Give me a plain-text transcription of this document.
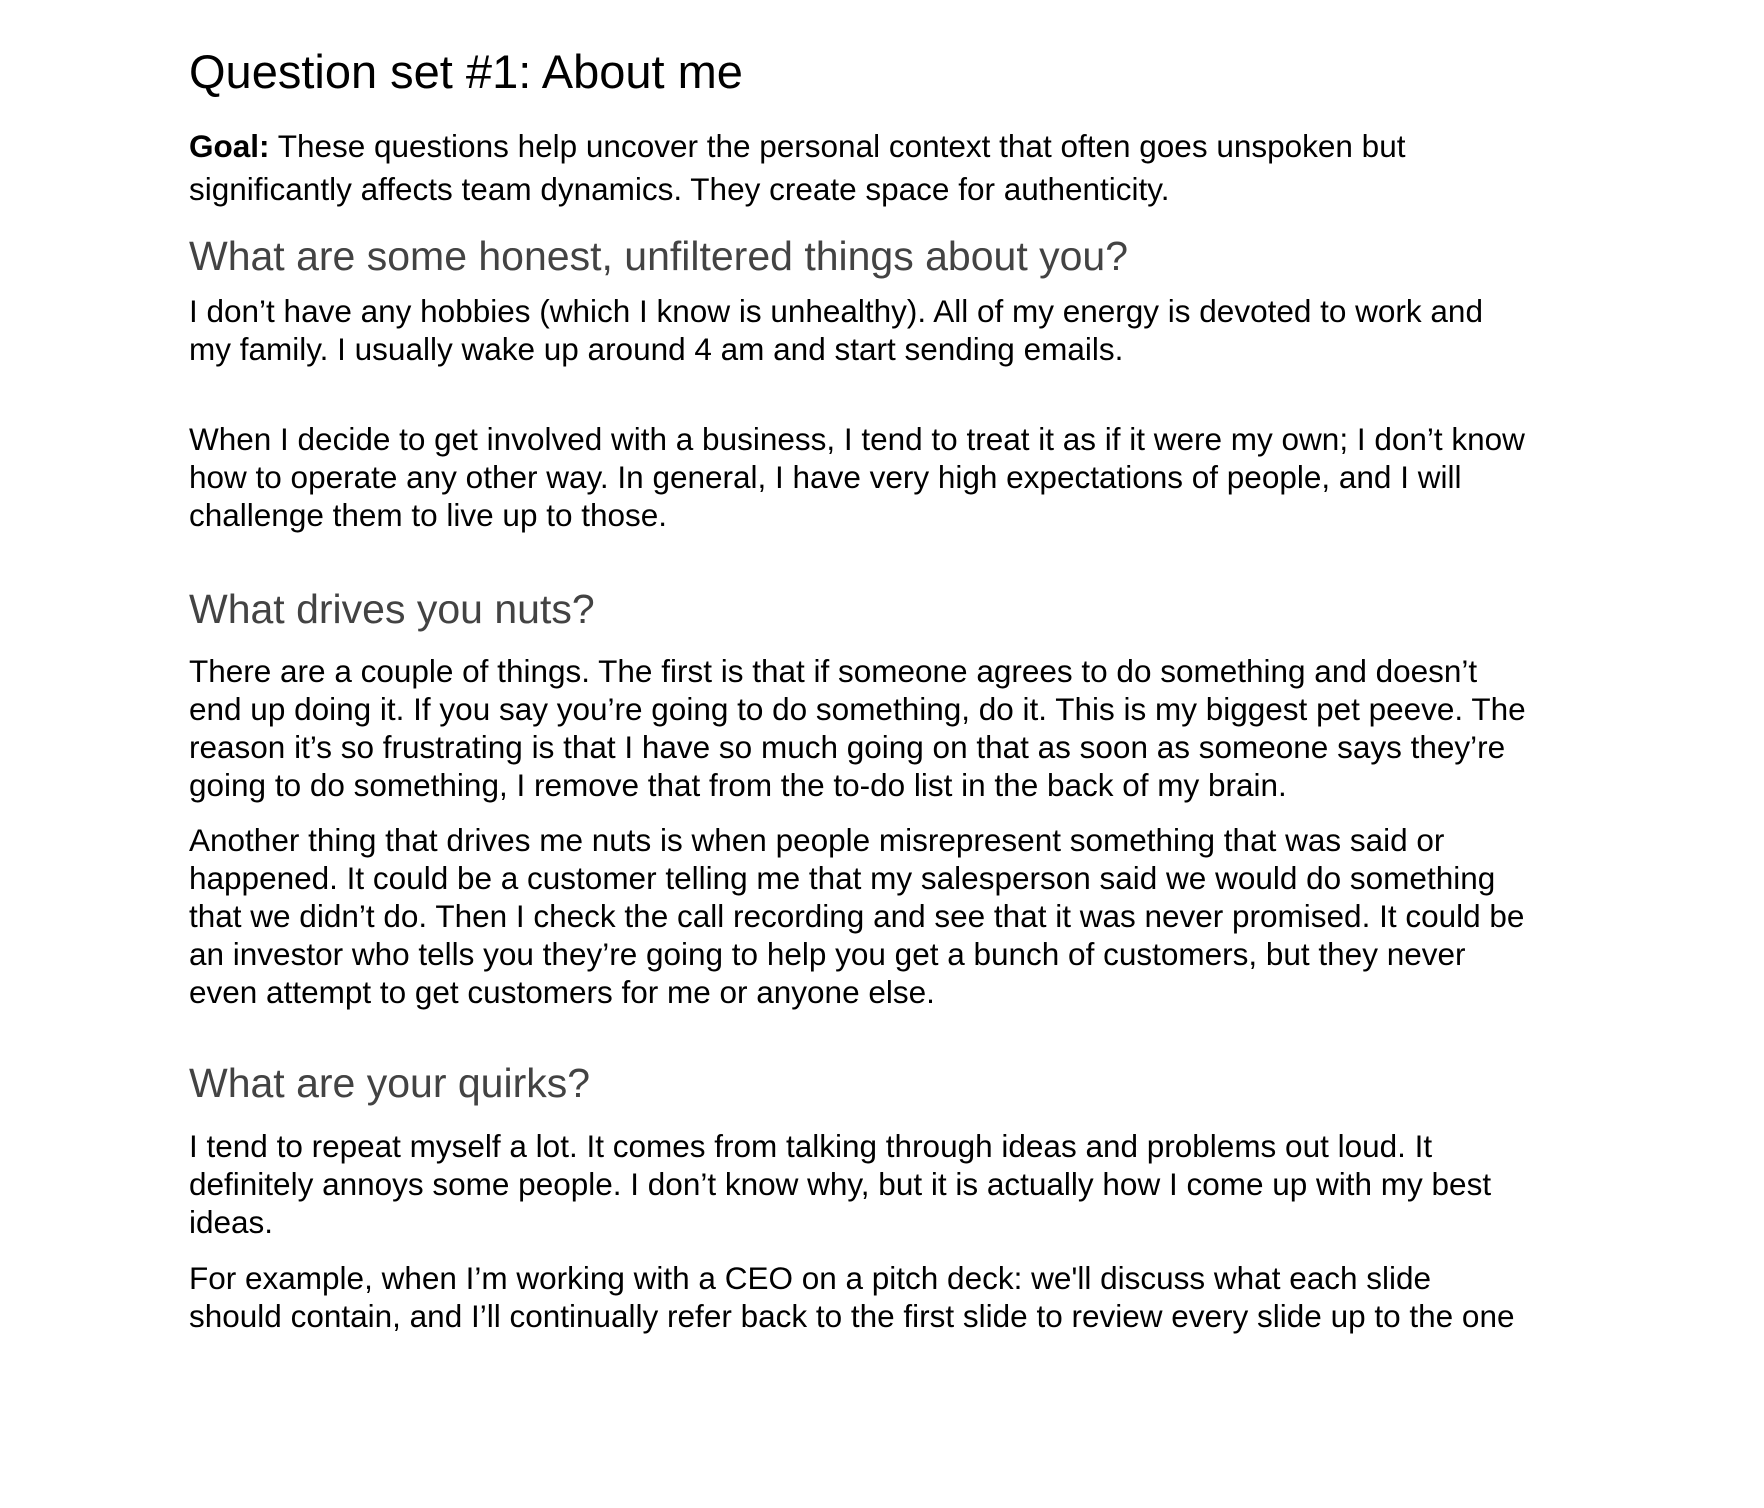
Question set #1: About me

Goal: These questions help uncover the personal context that often goes unspoken but
significantly affects team dynamics. They create space for authenticity.

What are some honest, unfiltered things about you?

I don’t have any hobbies (which I know is unhealthy). All of my energy is devoted to work and
my family. I usually wake up around 4 am and start sending emails.

When I decide to get involved with a business, I tend to treat it as if it were my own; I don’t know
how to operate any other way. In general, I have very high expectations of people, and I will
challenge them to live up to those.

What drives you nuts?

There are a couple of things. The first is that if someone agrees to do something and doesn’t
end up doing it. If you say you’re going to do something, do it. This is my biggest pet peeve. The
reason it’s so frustrating is that I have so much going on that as soon as someone says they’re
going to do something, I remove that from the to-do list in the back of my brain.

Another thing that drives me nuts is when people misrepresent something that was said or
happened. It could be a customer telling me that my salesperson said we would do something
that we didn’t do. Then I check the call recording and see that it was never promised. It could be
an investor who tells you they’re going to help you get a bunch of customers, but they never
even attempt to get customers for me or anyone else.

What are your quirks?

I tend to repeat myself a lot. It comes from talking through ideas and problems out loud. It
definitely annoys some people. I don’t know why, but it is actually how I come up with my best
ideas.

For example, when I’m working with a CEO on a pitch deck: we'll discuss what each slide
should contain, and I’ll continually refer back to the first slide to review every slide up to the one
